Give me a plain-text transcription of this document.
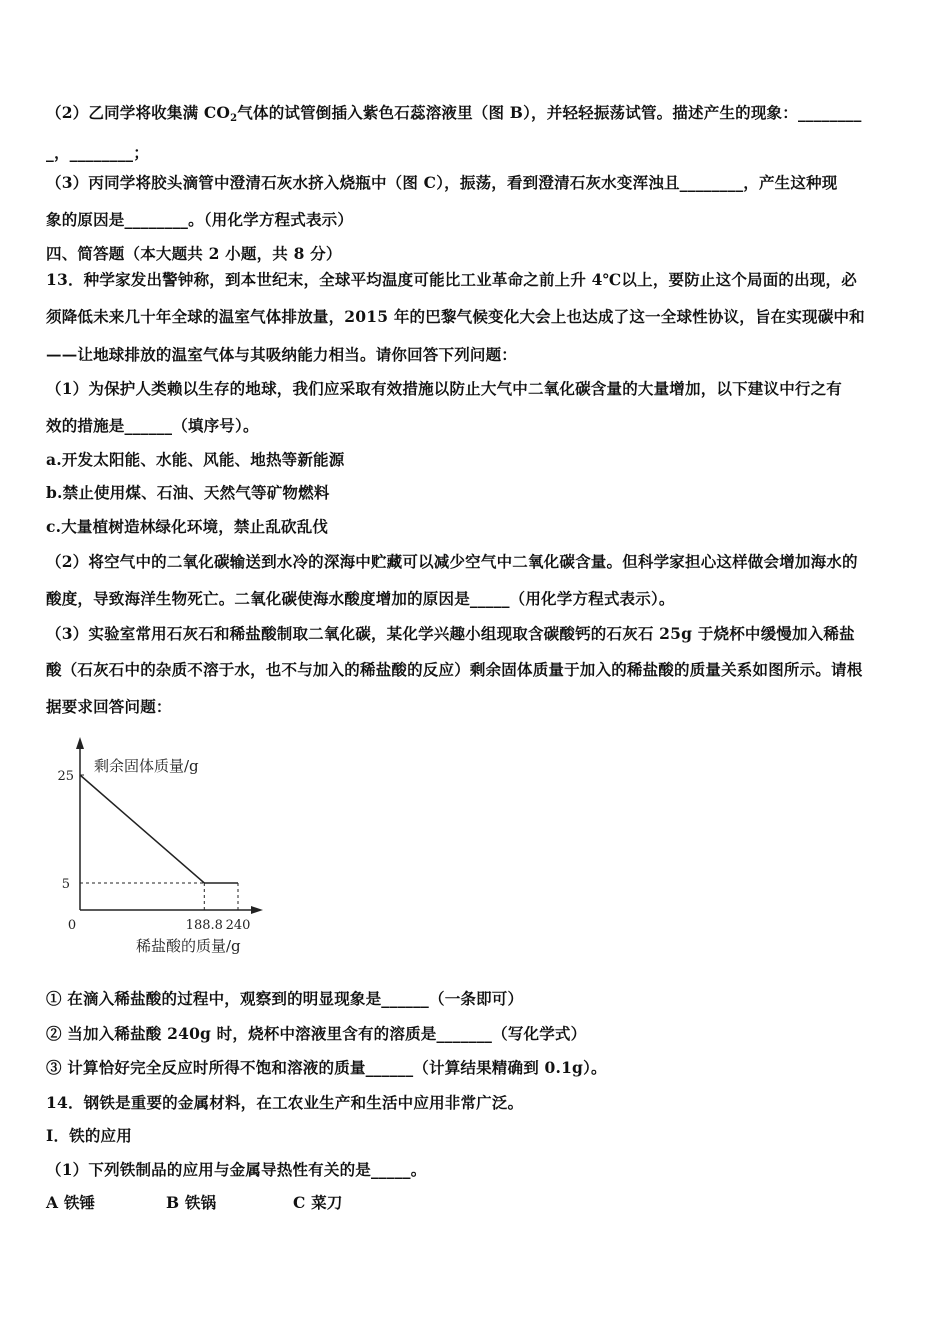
（2）乙同学将收集满 $CO_2$气体的试管倒插入紫色石蕊溶液里（图 B），并轻轻振荡试管。描述产生的现象：________
_，________；
（3）丙同学将胶头滴管中澄清石灰水挤入烧瓶中（图 C），振荡，看到澄清石灰水变浑浊且________，产生这种现
象的原因是________。（用化学方程式表示）
四、简答题（本大题共 2 小题，共 8 分）
13．种学家发出警钟称，到本世纪末，全球平均温度可能比工业革命之前上升 4℃以上，要防止这个局面的出现，必
须降低未来几十年全球的温室气体排放量，2015 年的巴黎气候变化大会上也达成了这一全球性协议，旨在实现碳中和
——让地球排放的温室气体与其吸纳能力相当。请你回答下列问题：
（1）为保护人类赖以生存的地球，我们应采取有效措施以防止大气中二氧化碳含量的大量增加，以下建议中行之有
效的措施是______（填序号）。
a.开发太阳能、水能、风能、地热等新能源
b.禁止使用煤、石油、天然气等矿物燃料
c.大量植树造林绿化环境，禁止乱砍乱伐
（2）将空气中的二氧化碳输送到水冷的深海中贮藏可以减少空气中二氧化碳含量。但科学家担心这样做会增加海水的
酸度，导致海洋生物死亡。二氧化碳使海水酸度增加的原因是_____（用化学方程式表示）。
（3）实验室常用石灰石和稀盐酸制取二氧化碳，某化学兴趣小组现取含碳酸钙的石灰石 25g 于烧杯中缓慢加入稀盐
酸（石灰石中的杂质不溶于水，也不与加入的稀盐酸的反应）剩余固体质量于加入的稀盐酸的质量关系如图所示。请根
据要求回答问题：
剩余固体质量/g
稀盐酸的质量/g
0
25
5
188.8 240
① 在滴入稀盐酸的过程中，观察到的明显现象是______（一条即可）
② 当加入稀盐酸 240g 时，烧杯中溶液里含有的溶质是_______（写化学式）
③ 计算恰好完全反应时所得不饱和溶液的质量______（计算结果精确到 0.1g）。
14．钢铁是重要的金属材料，在工农业生产和生活中应用非常广泛。
I．铁的应用
（1）下列铁制品的应用与金属导热性有关的是_____。
A 铁锤	B 铁锅	C 菜刀
